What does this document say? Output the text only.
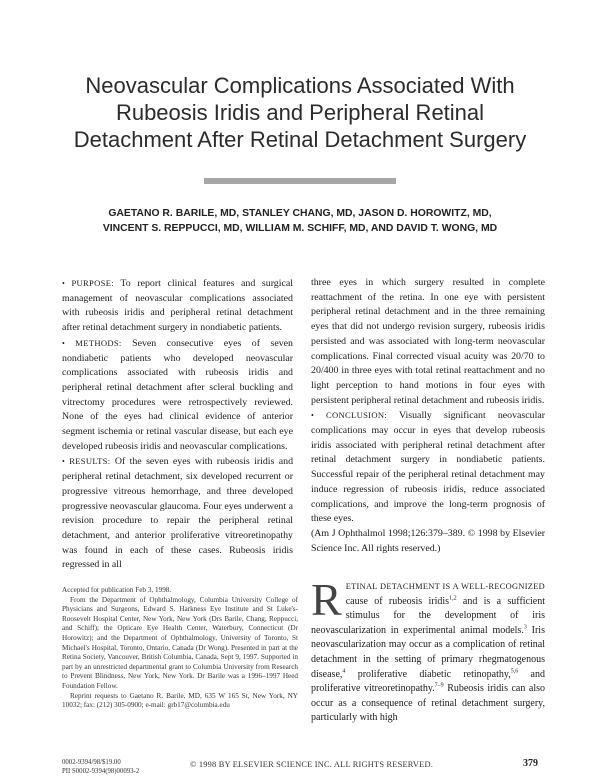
Neovascular Complications Associated With
Rubeosis Iridis and Peripheral Retinal
Detachment After Retinal Detachment Surgery
GAETANO R. BARILE, MD, STANLEY CHANG, MD, JASON D. HOROWITZ, MD,
VINCENT S. REPPUCCI, MD, WILLIAM M. SCHIFF, MD, AND DAVID T. WONG, MD

• PURPOSE: To report clinical features and surgical management of neovascular complications associated with rubeosis iridis and peripheral retinal detachment after retinal detachment surgery in nondiabetic patients.

• METHODS: Seven consecutive eyes of seven nondiabetic patients who developed neovascular complications associated with rubeosis iridis and peripheral retinal detachment after scleral buckling and vitrectomy procedures were retrospectively reviewed. None of the eyes had clinical evidence of anterior segment ischemia or retinal vascular disease, but each eye developed rubeosis iridis and neovascular complications.

• RESULTS: Of the seven eyes with rubeosis iridis and peripheral retinal detachment, six developed recurrent or progressive vitreous hemorrhage, and three developed progressive neovascular glaucoma. Four eyes underwent a revision procedure to repair the peripheral retinal detachment, and anterior proliferative vitreoretinopathy was found in each of these cases. Rubeosis iridis regressed in all

three eyes in which surgery resulted in complete reattachment of the retina. In one eye with persistent peripheral retinal detachment and in the three remaining eyes that did not undergo revision surgery, rubeosis iridis persisted and was associated with long-term neovascular complications. Final corrected visual acuity was 20/70 to 20/400 in three eyes with total retinal reattachment and no light perception to hand motions in four eyes with persistent peripheral retinal detachment and rubeosis iridis.

• CONCLUSION: Visually significant neovascular complications may occur in eyes that develop rubeosis iridis associated with peripheral retinal detachment after retinal detachment surgery in nondiabetic patients. Successful repair of the peripheral retinal detachment may induce regression of rubeosis iridis, reduce associated complications, and improve the long-term prognosis of these eyes.

(Am J Ophthalmol 1998;126:379–389. © 1998 by Elsevier Science Inc. All rights reserved.)

Accepted for publication Feb 3, 1998.

From the Department of Ophthalmology, Columbia University College of Physicians and Surgeons, Edward S. Harkness Eye Institute and St Luke's-Roosevelt Hospital Center, New York, New York (Drs Barile, Chang, Reppucci, and Schiff); the Opticare Eye Health Center, Waterbury, Connecticut (Dr Horowitz); and the Department of Ophthalmology, University of Toronto, St Michael's Hospital, Toronto, Ontario, Canada (Dr Wong). Presented in part at the Retina Society, Vancouver, British Columbia, Canada, Sept 9, 1997. Supported in part by an unrestricted departmental grant to Columbia University from Research to Prevent Blindness, New York, New York. Dr Barile was a 1996–1997 Heed Foundation Fellow.

Reprint requests to Gaetano R. Barile, MD, 635 W 165 St, New York, NY 10032; fax: (212) 305-0900; e-mail: grb17@columbia.edu

RETINAL DETACHMENT IS A WELL-RECOGNIZED cause of rubeosis iridis$^{1,2}$ and is a sufficient stimulus for the development of iris neovascularization in experimental animal models.$^3$ Iris neovascularization may occur as a complication of retinal detachment in the setting of primary rhegmatogenous disease,$^4$ proliferative diabetic retinopathy,$^{5,6}$ and proliferative vitreoretinopathy.$^{7-9}$ Rubeosis iridis can also occur as a consequence of retinal detachment surgery, particularly with high
0002-9394/98/$19.00
PII S0002-9394(98)00093-2
© 1998 BY ELSEVIER SCIENCE INC. ALL RIGHTS RESERVED.	379
